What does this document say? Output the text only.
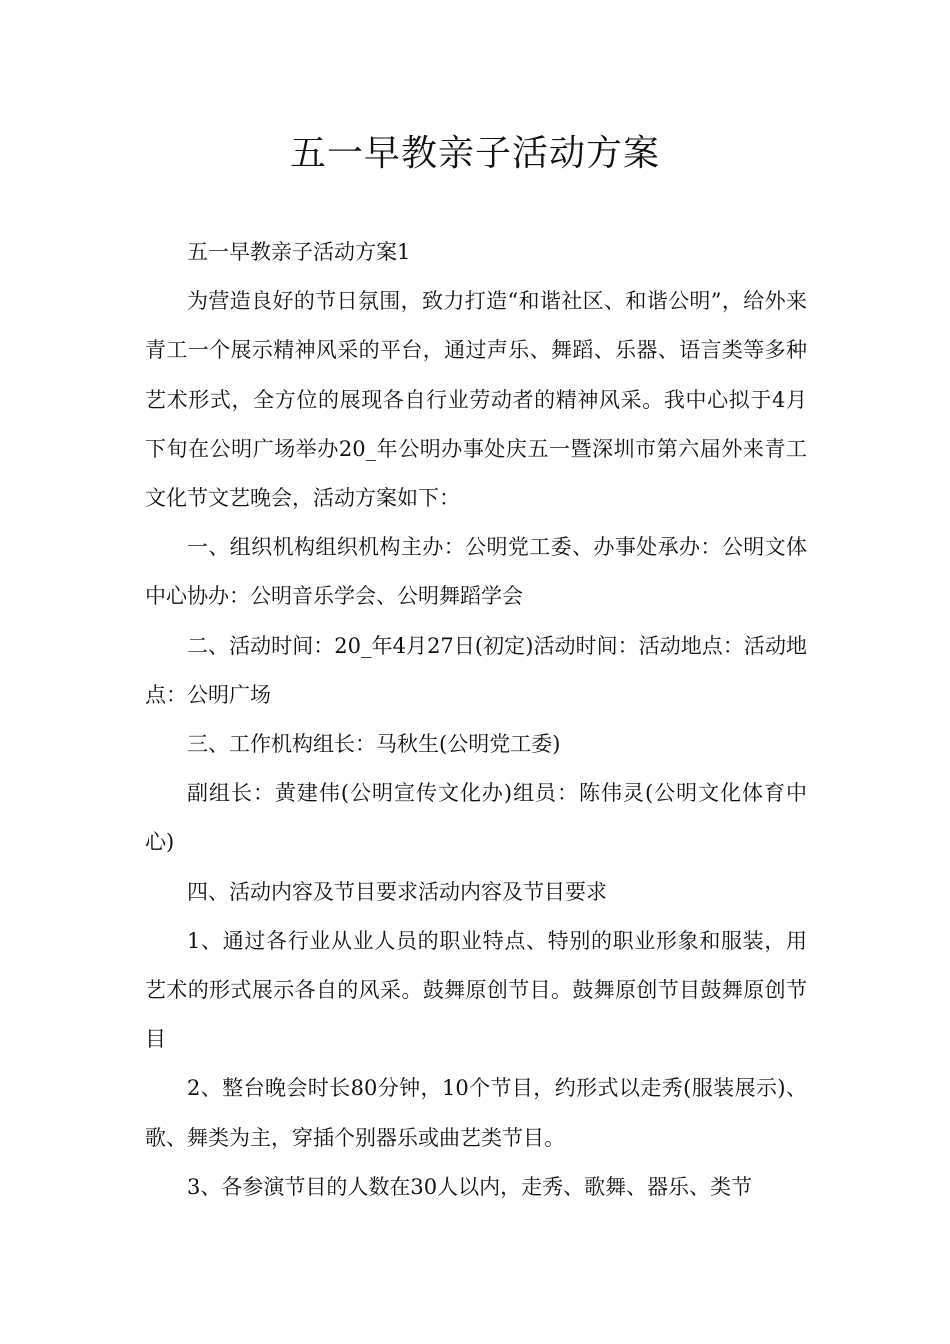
五一早教亲子活动方案

五一早教亲子活动方案1

为营造良好的节日氛围，致力打造“和谐社区、和谐公明”，给外来青工一个展示精神风采的平台，通过声乐、舞蹈、乐器、语言类等多种艺术形式，全方位的展现各自行业劳动者的精神风采。我中心拟于4月下旬在公明广场举办20_年公明办事处庆五一暨深圳市第六届外来青工文化节文艺晚会，活动方案如下：

一、组织机构组织机构主办：公明党工委、办事处承办：公明文体中心协办：公明音乐学会、公明舞蹈学会

二、活动时间：20_年4月27日(初定)活动时间：活动地点：活动地点：公明广场

三、工作机构组长：马秋生(公明党工委)

副组长：黄建伟(公明宣传文化办)组员：陈伟灵(公明文化体育中心)

四、活动内容及节目要求活动内容及节目要求

1、通过各行业从业人员的职业特点、特别的职业形象和服装，用艺术的形式展示各自的风采。鼓舞原创节目。鼓舞原创节目鼓舞原创节目

2、整台晚会时长80分钟，10个节目，约形式以走秀(服装展示)、歌、舞类为主，穿插个别器乐或曲艺类节目。

3、各参演节目的人数在30人以内，走秀、歌舞、器乐、类节
